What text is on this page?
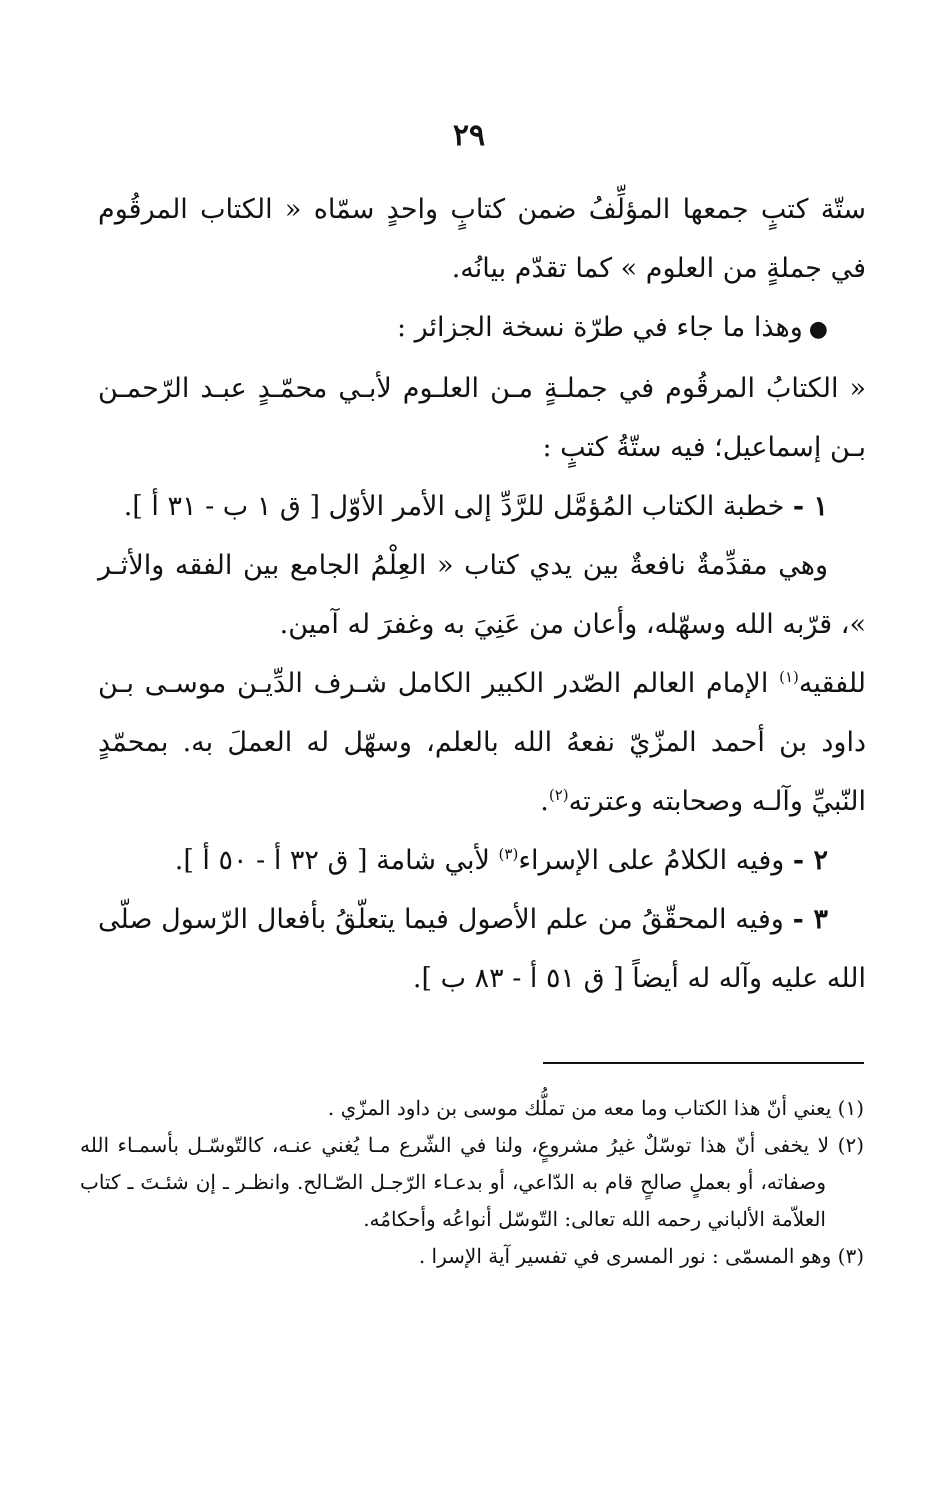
٢٩

ستّة كتبٍ جمعها المؤلِّفُ ضمن كتابٍ واحدٍ سمّاه « الكتاب المرقُوم في جملةٍ من العلوم » كما تقدّم بيانُه.

●وهذا ما جاء في طرّة نسخة الجزائر :

« الكتابُ المرقُوم في جملـةٍ مـن العلـوم لأبـي محمّـدٍ عبـد الرّحمـن بـن إسماعيل؛ فيه ستّةُ كتبٍ :

١ - خطبة الكتاب المُؤمَّل للرَّدِّ إلى الأمر الأوّل [ ق ١ ب - ٣١ أ ].

وهي مقدِّمةٌ نافعةٌ بين يدي كتاب « العِلْمُ الجامع بين الفقه والأثـر »، قرّبه الله وسهّله، وأعان من عَنِيَ به وغفرَ له آمين.

للفقيه$^{(١)}$ الإمام العالم الصّدر الكبير الكامل شـرف الدِّيـن موسـى بـن داود بن أحمد المزّيّ نفعهُ الله بالعلم، وسهّل له العملَ به. بمحمّدٍ النّبيِّ وآلـه وصحابته وعترته$^{(٢)}$.

٢ - وفيه الكلامُ على الإسراء$^{(٣)}$ لأبي شامة [ ق ٣٢ أ - ٥٠ أ ].

٣ - وفيه المحقّقُ من علم الأصول فيما يتعلّقُ بأفعال الرّسول صلّى الله عليه وآله له أيضاً [ ق ٥١ أ - ٨٣ ب ].

(١) يعني أنّ هذا الكتاب وما معه من تملُّك موسى بن داود المزّي .

(٢) لا يخفى أنّ هذا توسّلٌ غيرُ مشروعٍ، ولنا في الشّرع مـا يُغني عنـه، كالتّوسّـل بأسمـاء الله وصفاته، أو بعملٍ صالحٍ قام به الدّاعي، أو بدعـاء الرّجـل الصّـالح. وانظـر ـ إن شئـتَ ـ كتاب العلاّمة الألباني رحمه الله تعالى: التّوسّل أنواعُه وأحكامُه.

(٣) وهو المسمّى : نور المسرى في تفسير آية الإسرا .
